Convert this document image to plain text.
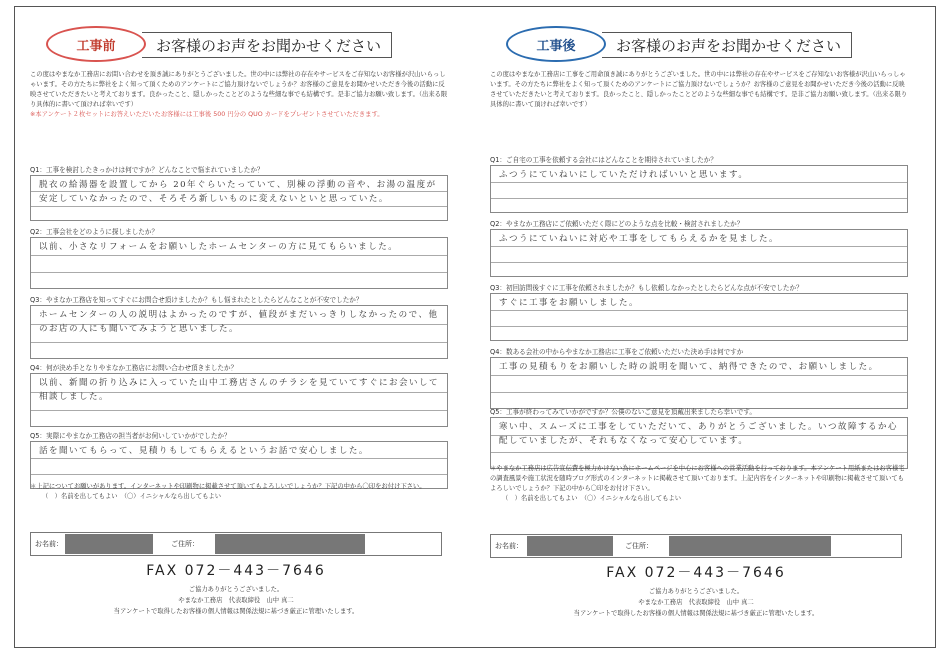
お客様のお声をお聞かせください
工事前
この度はやまなか工務店にお問い合わせを頂き誠にありがとうございました。世の中には弊社の存在やサービスをご存知ないお客様が沢山いらっしゃいます。その方たちに弊社をよく知って頂くためのアンケートにご協力頂けないでしょうか？お客様のご意見をお聞かせいただき今後の活動に反映させていただきたいと考えております。良かったこと、隠しかったことどのような些細な事でも結構です。是非ご協力お願い致します。（出来る限り具体的に書いて頂ければ幸いです）
※本アンケート２枚セットにお答えいただいたお客様には工事後 500 円分の QUO カードをプレゼントさせていただきます。
Q1：工事を検討したきっかけは何ですか？どんなことで悩まれていましたか？
脱衣の給湯器を設置してから 20年ぐらいたっていて、別棟の浮動の音や、お湯の温度が安定していなかったので、そろそろ新しいものに変えないといと思っていた。
Q2：工事会社をどのように探しましたか？
以前、小さなリフォームをお願いしたホームセンターの方に見てもらいました。
Q3：やまなか工務店を知ってすぐにお問合せ頂けましたか？もし悩まれたとしたらどんなことが不安でしたか？
ホームセンターの人の説明はよかったのですが、値段がまだいっきりしなかったので、他のお店の人にも聞いてみようと思いました。
Q4：何が決め手となりやまなか工務店にお問い合わせ頂きましたか？
以前、新聞の折り込みに入っていた山中工務店さんのチラシを見ていてすぐにお会いして相談しました。
Q5：実際にやまなか工務店の担当者がお伺いしていかがでしたか？
話を聞いてもらって、見積りもしてもらえるというお話で安心しました。
＊上記についてお願いがあります。インターネットや印刷物に掲載させて頂いてもよろしいでしょうか？下記の中から〇印をお付け下さい。
（　）名前を出してもよい　（〇）イニシャルなら出してもよい
お名前：	ご住所：
FAX 072－443－7646
ご協力ありがとうございました。
やまなか工務店　代表取締役　山中 真二
当アンケートで取得したお客様の個人情報は関係法規に基づき厳正に管理いたします。
お客様のお声をお聞かせください
工事後
この度はやまなか工務店に工事をご用命頂き誠にありがとうございました。世の中には弊社の存在やサービスをご存知ないお客様が沢山いらっしゃいます。その方たちに弊社をよく知って頂くためのアンケートにご協力頂けないでしょうか？お客様のご意見をお聞かせいただき今後の活動に反映させていただきたいと考えております。良かったこと、隠しかったことどのような些細な事でも結構です。是非ご協力お願い致します。（出来る限り具体的に書いて頂ければ幸いです）
Q1：ご自宅の工事を依頼する会社にはどんなことを期待されていましたか？
ふつうにていねいにしていただければいいと思います。
Q2：やまなか工務店にご依頼いただく際にどのような点を比較・検討されましたか？
ふつうにていねいに対応や工事をしてもらえるかを見ました。
Q3：初回訪問後すぐに工事を依頼されましたか？もし依頼しなかったとしたらどんな点が不安でしたか？
すぐに工事をお願いしました。
Q4：数ある会社の中からやまなか工務店に工事をご依頼いただいた決め手は何ですか
工事の見積もりをお願いした時の説明を聞いて、納得できたので、お願いしました。
Q5：工事が終わってみていかがですか？公僕のないご意見を頂戴出来ましたら幸いです。
寒い中、スムーズに工事をしていただいて、ありがとうございました。いつ故障するか心配していましたが、それもなくなって安心しています。
＊やまなか工務店は広告宣伝費を極力かけない為にホームページを中心にお客様への営業活動を行っております。本アンケート用紙またはお客様宅の調査風景や施工状況を随時ブログ形式のインターネットに掲載させて頂いております。上記内容をインターネットや印刷物に掲載させて頂いてもよろしいでしょうか？下記の中から〇印をお付け下さい。
（　）名前を出してもよい　（〇）イニシャルなら出してもよい
お名前：	ご住所：
FAX 072－443－7646
ご協力ありがとうございました。
やまなか工務店　代表取締役　山中 真二
当アンケートで取得したお客様の個人情報は関係法規に基づき厳正に管理いたします。
